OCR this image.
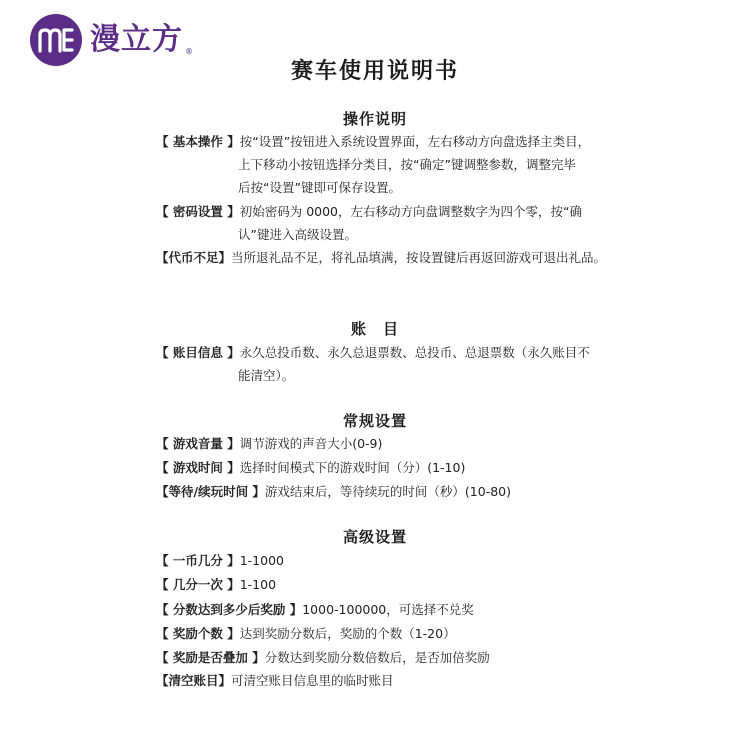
漫立方 ®
赛车使用说明书
操作说明
【 基本操作 】按“设置”按钮进入系统设置界面，左右移动方向盘选择主类目，
上下移动小按钮选择分类目，按“确定”键调整参数，调整完毕
后按“设置”键即可保存设置。
【 密码设置 】初始密码为 0000，左右移动方向盘调整数字为四个零，按“确
认”键进入高级设置。
【代币不足】当所退礼品不足，将礼品填满，按设置键后再返回游戏可退出礼品。
账　目
【 账目信息 】永久总投币数、永久总退票数、总投币、总退票数（永久账目不
能清空）。
常规设置
【 游戏音量 】调节游戏的声音大小(0-9)
【 游戏时间 】选择时间模式下的游戏时间（分）(1-10)
【等待/续玩时间 】游戏结束后，等待续玩的时间（秒）(10-80)
高级设置
【 一币几分 】1-1000
【 几分一次 】1-100
【 分数达到多少后奖励 】1000-100000，可选择不兑奖
【 奖励个数 】达到奖励分数后，奖励的个数（1-20）
【 奖励是否叠加 】分数达到奖励分数倍数后，是否加倍奖励
【清空账目】可清空账目信息里的临时账目
